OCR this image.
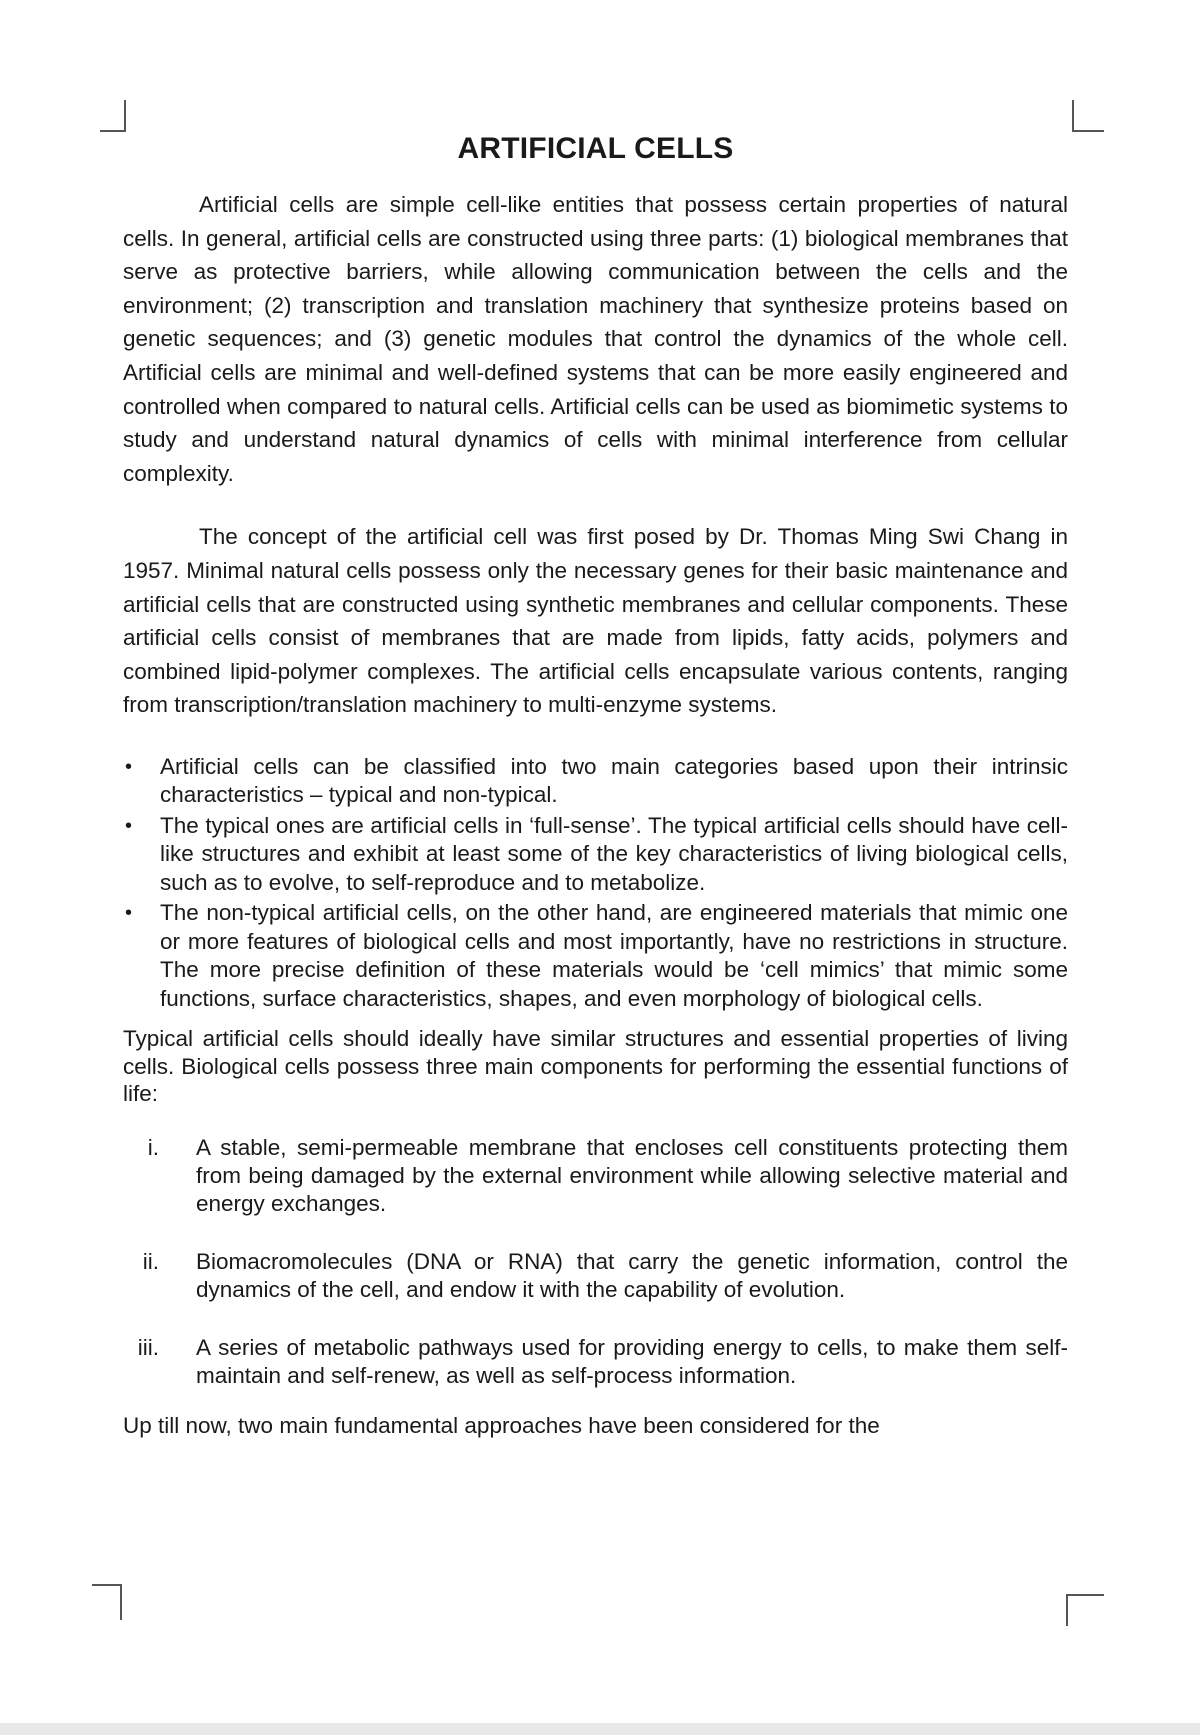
ARTIFICIAL CELLS

Artificial cells are simple cell-like entities that possess certain properties of natural cells. In general, artificial cells are constructed using three parts: (1) biological membranes that serve as protective barriers, while allowing communication between the cells and the environment; (2) transcription and translation machinery that synthesize proteins based on genetic sequences; and (3) genetic modules that control the dynamics of the whole cell. Artificial cells are minimal and well-defined systems that can be more easily engineered and controlled when compared to natural cells. Artificial cells can be used as biomimetic systems to study and understand natural dynamics of cells with minimal interference from cellular complexity.

The concept of the artificial cell was first posed by Dr. Thomas Ming Swi Chang in 1957. Minimal natural cells possess only the necessary genes for their basic maintenance and artificial cells that are constructed using synthetic membranes and cellular components. These artificial cells consist of membranes that are made from lipids, fatty acids, polymers and combined lipid-polymer complexes. The artificial cells encapsulate various contents, ranging from transcription/translation machinery to multi-enzyme systems.

• Artificial cells can be classified into two main categories based upon their intrinsic characteristics – typical and non-typical.
• The typical ones are artificial cells in ‘full-sense’. The typical artificial cells should have cell-like structures and exhibit at least some of the key characteristics of living biological cells, such as to evolve, to self-reproduce and to metabolize.
• The non-typical artificial cells, on the other hand, are engineered materials that mimic one or more features of biological cells and most importantly, have no restrictions in structure. The more precise definition of these materials would be ‘cell mimics’ that mimic some functions, surface characteristics, shapes, and even morphology of biological cells.

Typical artificial cells should ideally have similar structures and essential properties of living cells. Biological cells possess three main components for performing the essential functions of life:

i. A stable, semi-permeable membrane that encloses cell constituents protecting them from being damaged by the external environment while allowing selective material and energy exchanges.
ii. Biomacromolecules (DNA or RNA) that carry the genetic information, control the dynamics of the cell, and endow it with the capability of evolution.
iii. A series of metabolic pathways used for providing energy to cells, to make them self-maintain and self-renew, as well as self-process information.

Up till now, two main fundamental approaches have been considered for the
